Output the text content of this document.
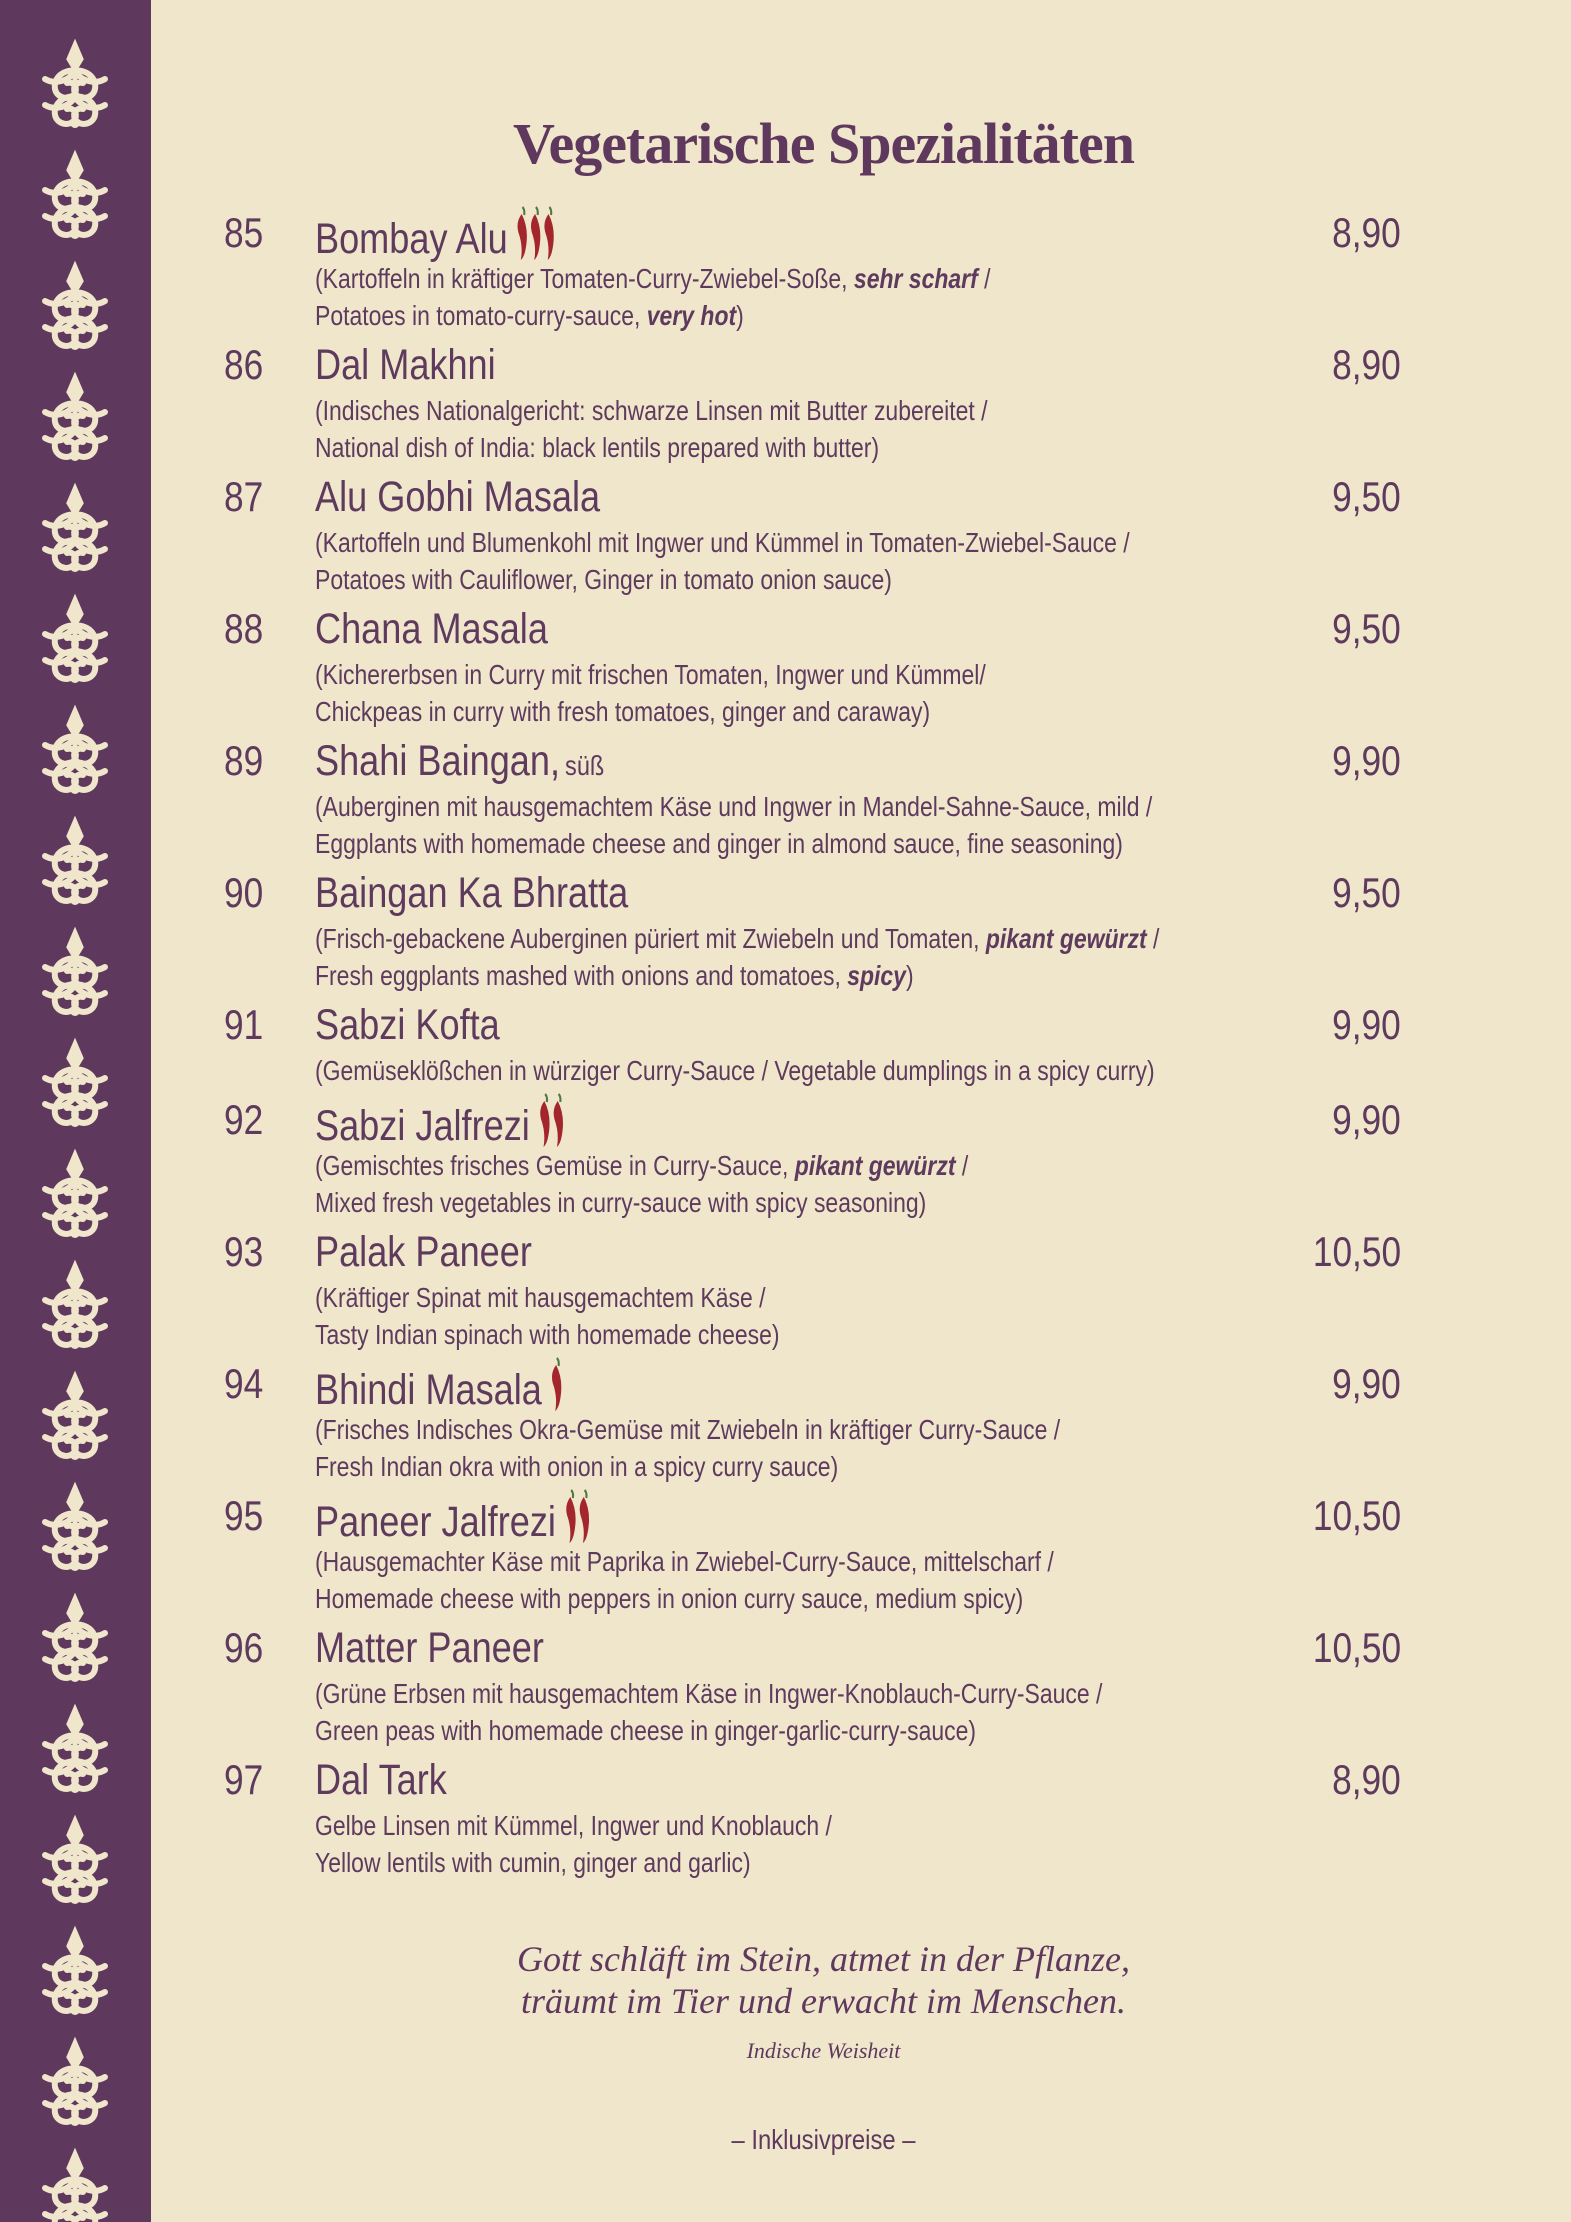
Vegetarische Spezialitäten
85 Bombay Alu	8,90
(Kartoffeln in kräftiger Tomaten-Curry-Zwiebel-Soße, sehr scharf /
Potatoes in tomato-curry-sauce, very hot)
86 Dal Makhni	8,90
(Indisches Nationalgericht: schwarze Linsen mit Butter zubereitet /
National dish of India: black lentils prepared with butter)
87 Alu Gobhi Masala	9,50
(Kartoffeln und Blumenkohl mit Ingwer und Kümmel in Tomaten-Zwiebel-Sauce /
Potatoes with Cauliflower, Ginger in tomato onion sauce)
88 Chana Masala	9,50
(Kichererbsen in Curry mit frischen Tomaten, Ingwer und Kümmel/
Chickpeas in curry with fresh tomatoes, ginger and caraway)
89 Shahi Baingan, süß	9,90
(Auberginen mit hausgemachtem Käse und Ingwer in Mandel-Sahne-Sauce, mild /
Eggplants with homemade cheese and ginger in almond sauce, fine seasoning)
90 Baingan Ka Bhratta	9,50
(Frisch-gebackene Auberginen püriert mit Zwiebeln und Tomaten, pikant gewürzt /
Fresh eggplants mashed with onions and tomatoes, spicy)
91 Sabzi Kofta	9,90
(Gemüseklößchen in würziger Curry-Sauce / Vegetable dumplings in a spicy curry)
92 Sabzi Jalfrezi	9,90
(Gemischtes frisches Gemüse in Curry-Sauce, pikant gewürzt /
Mixed fresh vegetables in curry-sauce with spicy seasoning)
93 Palak Paneer	10,50
(Kräftiger Spinat mit hausgemachtem Käse /
Tasty Indian spinach with homemade cheese)
94 Bhindi Masala	9,90
(Frisches Indisches Okra-Gemüse mit Zwiebeln in kräftiger Curry-Sauce /
Fresh Indian okra with onion in a spicy curry sauce)
95 Paneer Jalfrezi	10,50
(Hausgemachter Käse mit Paprika in Zwiebel-Curry-Sauce, mittelscharf /
Homemade cheese with peppers in onion curry sauce, medium spicy)
96 Matter Paneer	10,50
(Grüne Erbsen mit hausgemachtem Käse in Ingwer-Knoblauch-Curry-Sauce /
Green peas with homemade cheese in ginger-garlic-curry-sauce)
97 Dal Tark	8,90
Gelbe Linsen mit Kümmel, Ingwer und Knoblauch /
Yellow lentils with cumin, ginger and garlic)
Gott schläft im Stein, atmet in der Pflanze,
träumt im Tier und erwacht im Menschen.
Indische Weisheit
– Inklusivpreise –
